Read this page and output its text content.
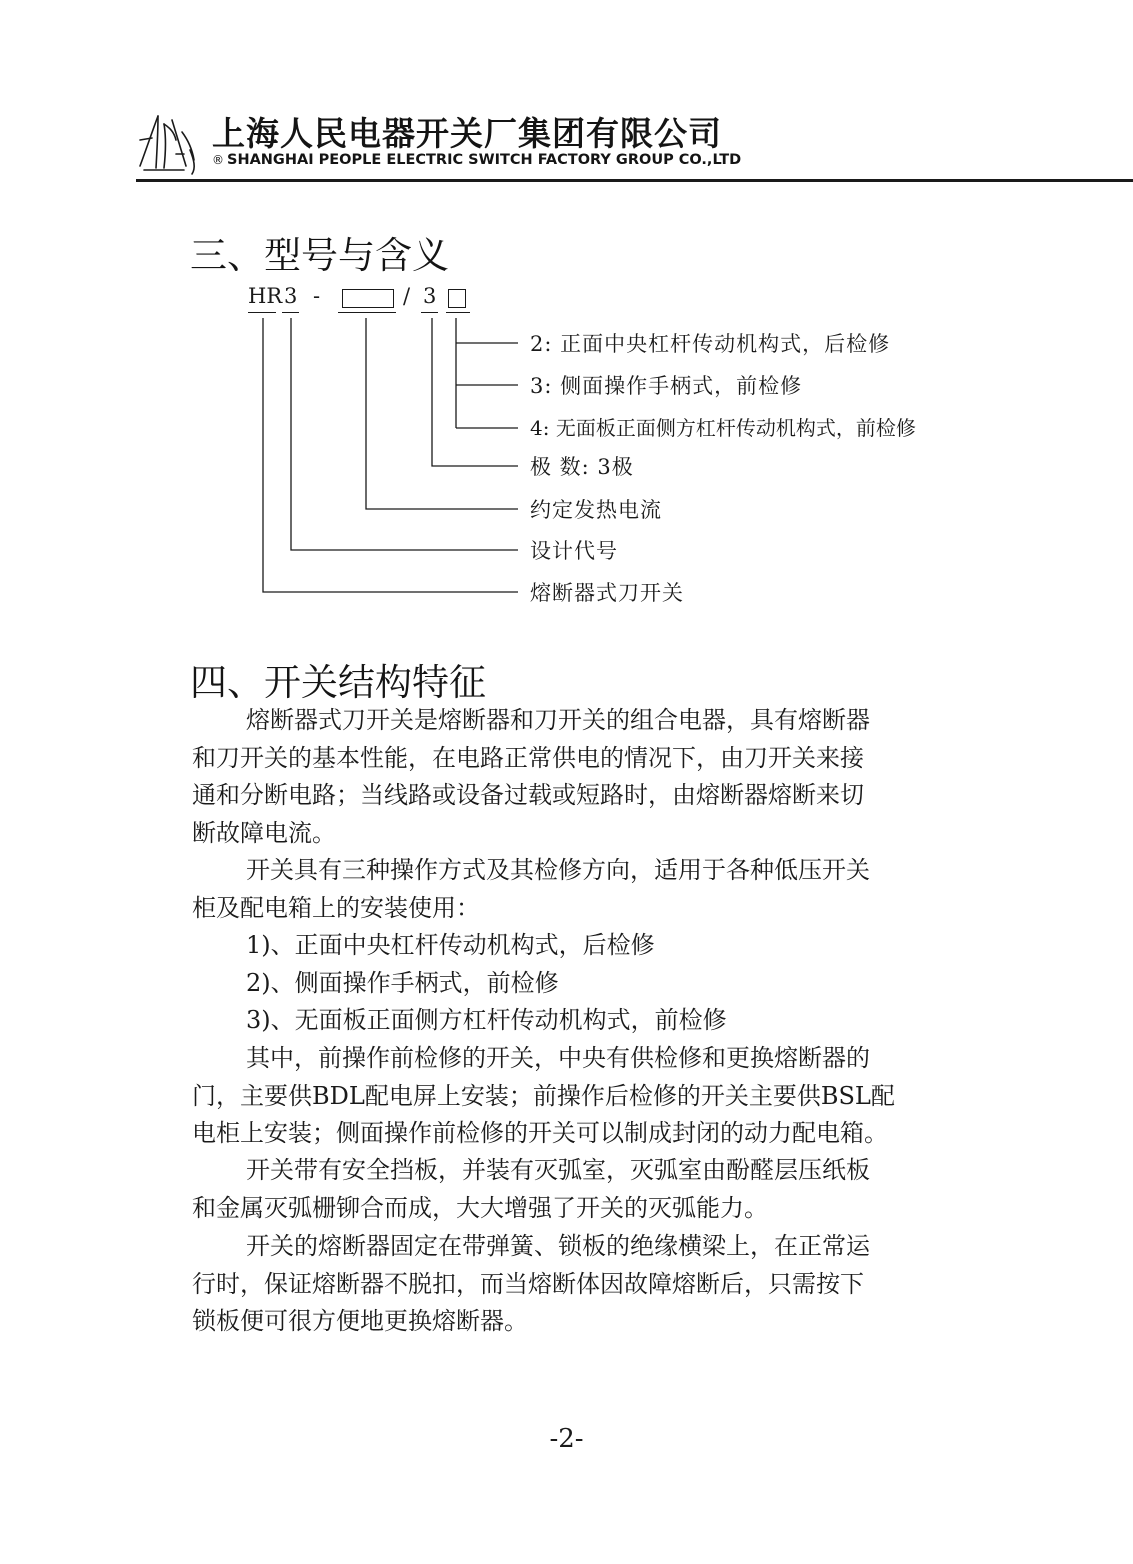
上海人民电器开关厂集团有限公司
® SHANGHAI PEOPLE ELECTRIC SWITCH FACTORY GROUP CO.,LTD
三、型号与含义
HR 3 -	/ 3
2: 正面中央杠杆传动机构式，后检修
3: 侧面操作手柄式，前检修
4: 无面板正面侧方杠杆传动机构式，前检修
极 数: 3极
约定发热电流
设计代号
熔断器式刀开关
四、开关结构特征
熔断器式刀开关是熔断器和刀开关的组合电器，具有熔断器
和刀开关的基本性能，在电路正常供电的情况下，由刀开关来接
通和分断电路；当线路或设备过载或短路时，由熔断器熔断来切
断故障电流。
开关具有三种操作方式及其检修方向，适用于各种低压开关
柜及配电箱上的安装使用：
1)、正面中央杠杆传动机构式，后检修
2)、侧面操作手柄式，前检修
3)、无面板正面侧方杠杆传动机构式，前检修
其中，前操作前检修的开关，中央有供检修和更换熔断器的
门，主要供BDL配电屏上安装；前操作后检修的开关主要供BSL配
电柜上安装；侧面操作前检修的开关可以制成封闭的动力配电箱。
开关带有安全挡板，并装有灭弧室，灭弧室由酚醛层压纸板
和金属灭弧栅铆合而成，大大增强了开关的灭弧能力。
开关的熔断器固定在带弹簧、锁板的绝缘横梁上，在正常运
行时，保证熔断器不脱扣，而当熔断体因故障熔断后，只需按下
锁板便可很方便地更换熔断器。
-2-
